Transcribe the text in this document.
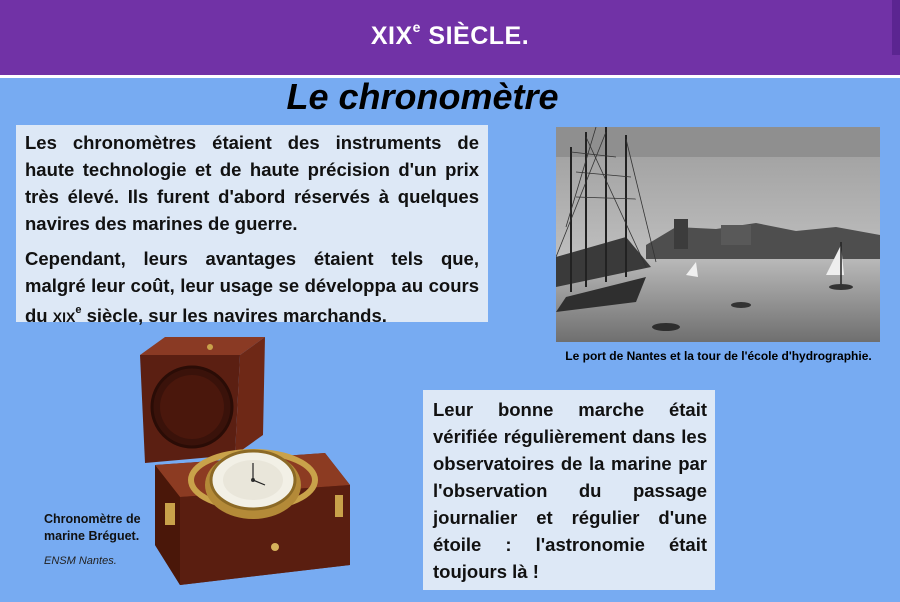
XIXe SIÈCLE.
Le chronomètre

Les chronomètres étaient des instruments de haute technologie et de haute précision d'un prix très élevé. Ils furent d'abord réservés à quelques navires des marines de guerre.

Cependant, leurs avantages étaient tels que, malgré leur coût, leur usage se développa au cours du XIXe siècle, sur les navires marchands.

Le port de Nantes et la tour de l'école d'hydrographie.
Chronomètre de
marine Bréguet.
ENSM Nantes.
Leur bonne marche était vérifiée régulièrement dans les observatoires de la marine par l'observation du passage journalier et régulier d'une étoile : l'astronomie était toujours là !
